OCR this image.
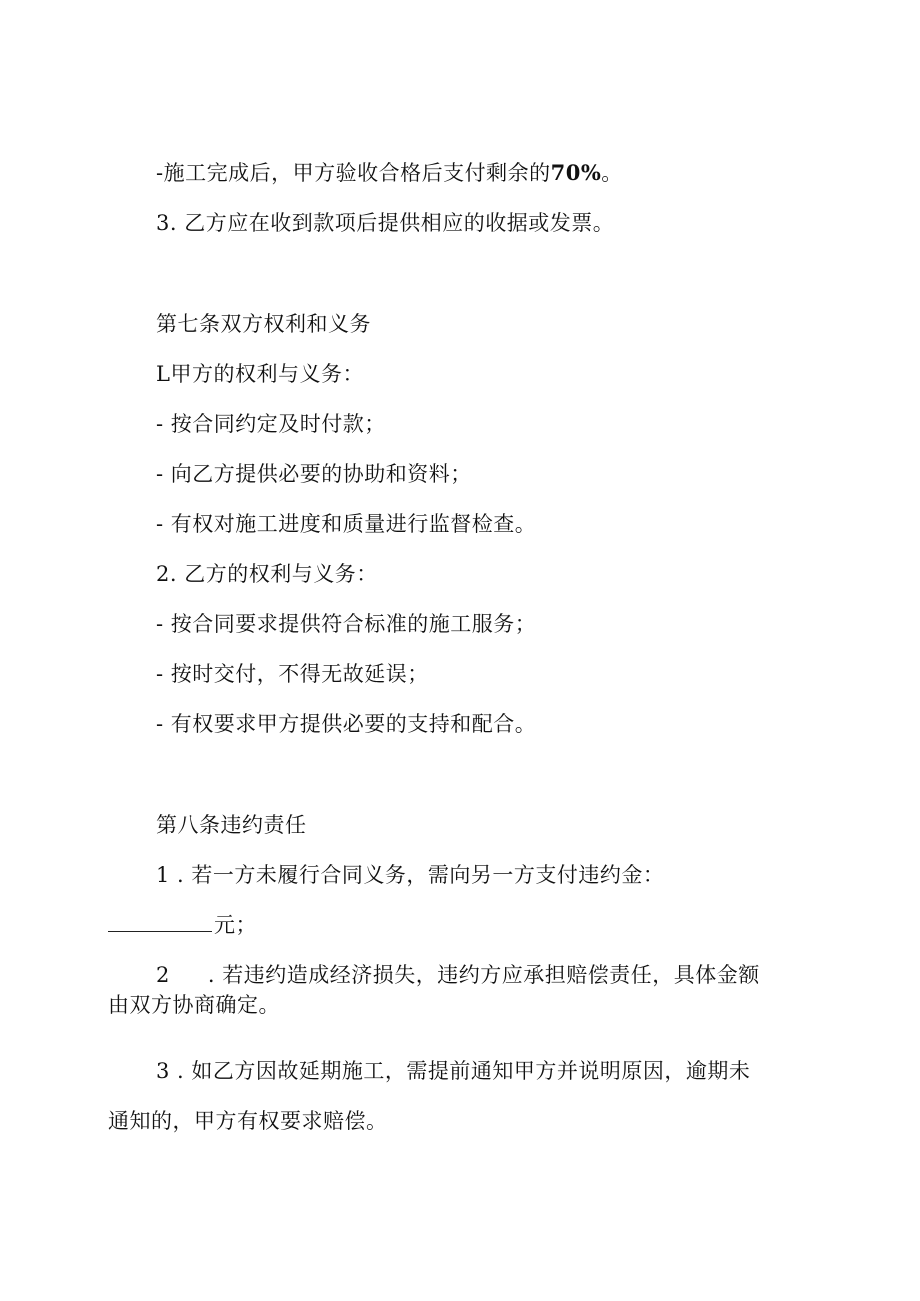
-施工完成后，甲方验收合格后支付剩余的70%。
3. 乙方应在收到款项后提供相应的收据或发票。
第七条双方权利和义务
L甲方的权利与义务：
- 按合同约定及时付款；
- 向乙方提供必要的协助和资料；
- 有权对施工进度和质量进行监督检查。
2. 乙方的权利与义务：
- 按合同要求提供符合标准的施工服务；
- 按时交付，不得无故延误；
- 有权要求甲方提供必要的支持和配合。
第八条违约责任
1 . 若一方未履行合同义务，需向另一方支付违约金：
元；
2 . 若违约造成经济损失，违约方应承担赔偿责任，具体金额
由双方协商确定。
3 . 如乙方因故延期施工，需提前通知甲方并说明原因，逾期未
通知的，甲方有权要求赔偿。
